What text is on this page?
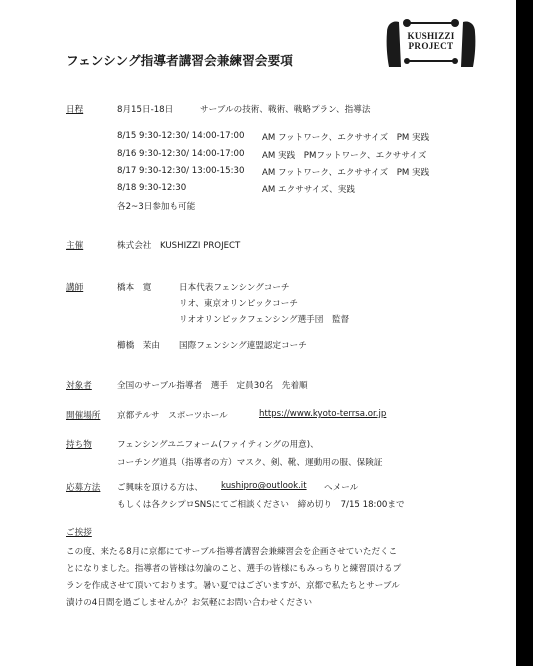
KUSHIZZI
PROJECT
フェンシング指導者講習会兼練習会要項
日程	8月15日-18日	サーブルの技術、戦術、戦略プラン、指導法
8/15 9:30-12:30/ 14:00-17:00 AM フットワーク、エクササイズ　PM 実践
8/16 9:30-12:30/ 14:00-17:00 AM 実践　PMフットワーク、エクササイズ
8/17 9:30-12:30/ 13:00-15:30 AM フットワーク、エクササイズ　PM 実践
8/18 9:30-12:30	AM エクササイズ、実践
各2~3日参加も可能
主催	株式会社　KUSHIZZI PROJECT
講師	橋本　寛	日本代表フェンシングコーチ
リオ、東京オリンピックコーチ
リオオリンピックフェンシング選手団　監督
櫛橋　茉由 国際フェンシング連盟認定コーチ
対象者	全国のサーブル指導者　選手　定員30名　先着順
開催場所 京都テルサ　スポーツホール	https://www.kyoto-terrsa.or.jp
持ち物	フェンシングユニフォーム(ファイティングの用意)、
コーチング道具（指導者の方）マスク、剣、靴、運動用の服、保険証
応募方法 ご興味を頂ける方は、 kushipro@outlook.it へメール
もしくは各クシプロSNSにてご相談ください　締め切り　7/15 18:00まで
ご挨拶
この度、来たる8月に京都にてサーブル指導者講習会兼練習会を企画させていただくこ
とになりました。指導者の皆様は勿論のこと、選手の皆様にもみっちりと練習頂けるプ
ランを作成させて頂いております。暑い夏ではございますが、京都で私たちとサーブル
漬けの4日間を過ごしませんか？お気軽にお問い合わせください
